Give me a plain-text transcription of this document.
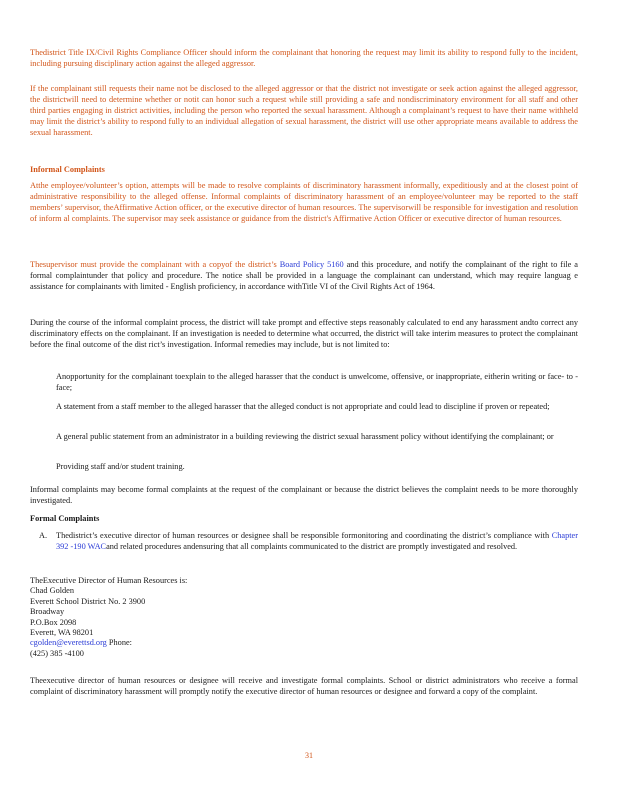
Thedistrict Title IX/Civil Rights Compliance Officer should inform the complainant that honoring the request may limit its ability to respond fully to the incident, including pursuing disciplinary action against the alleged aggressor.

If the complainant still requests their name not be disclosed to the alleged aggressor or that the district not investigate or seek action against the alleged aggressor, the districtwill need to determine whether or notit can honor such a request while still providing a safe and nondiscriminatory environment for all staff and other third parties engaging in district activities, including the person who reported the sexual harassment. Although a complainant’s request to have their name withheld may limit the district’s ability to respond fully to an individual allegation of sexual harassment, the district will use other appropriate means available to address the sexual harassment.

Informal Complaints

Atthe employee/volunteer’s option, attempts will be made to resolve complaints of discriminatory harassment informally, expeditiously and at the closest point of administrative responsibility to the alleged offense. Informal complaints of discriminatory harassment of an employee/volunteer may be reported to the staff members’ supervisor, theAffirmative Action officer, or the executive director of human resources. The supervisorwill be responsible for investigation and resolution of inform al complaints. The supervisor may seek assistance or guidance from the district's Affirmative Action Officer or executive director of human resources.

Thesupervisor must provide the complainant with a copyof the district’s Board Policy 5160 and this procedure, and notify the complainant of the right to file a formal complaintunder that policy and procedure. The notice shall be provided in a language the complainant can understand, which may require languag e assistance for complainants with limited - English proficiency, in accordance withTitle VI of the Civil Rights Act of 1964.

During the course of the informal complaint process, the district will take prompt and effective steps reasonably calculated to end any harassment andto correct any discriminatory effects on the complainant. If an investigation is needed to determine what occurred, the district will take interim measures to protect the complainant before the final outcome of the dist rict’s investigation. Informal remedies may include, but is not limited to:

Anopportunity for the complainant toexplain to the alleged harasser that the conduct is unwelcome, offensive, or inappropriate, eitherin writing or face- to -face;
A statement from a staff member to the alleged harasser that the alleged conduct is not appropriate and could lead to discipline if proven or repeated;
A general public statement from an administrator in a building reviewing the district sexual harassment policy without identifying the complainant; or
Providing staff and/or student training.

Informal complaints may become formal complaints at the request of the complainant or because the district believes the complaint needs to be more thoroughly investigated.

Formal Complaints
A. Thedistrict’s executive director of human resources or designee shall be responsible formonitoring and coordinating the district’s compliance with Chapter 392 -190 WACand related procedures andensuring that all complaints communicated to the district are promptly investigated and resolved.
TheExecutive Director of Human Resources is:
Chad Golden
Everett School District No. 2 3900
Broadway
P.O.Box 2098
Everett, WA 98201
cgolden@everettsd.org Phone:
(425) 385 -4100

Theexecutive director of human resources or designee will receive and investigate formal complaints. School or district administrators who receive a formal complaint of discriminatory harassment will promptly notify the executive director of human resources or designee and forward a copy of the complaint.

31
